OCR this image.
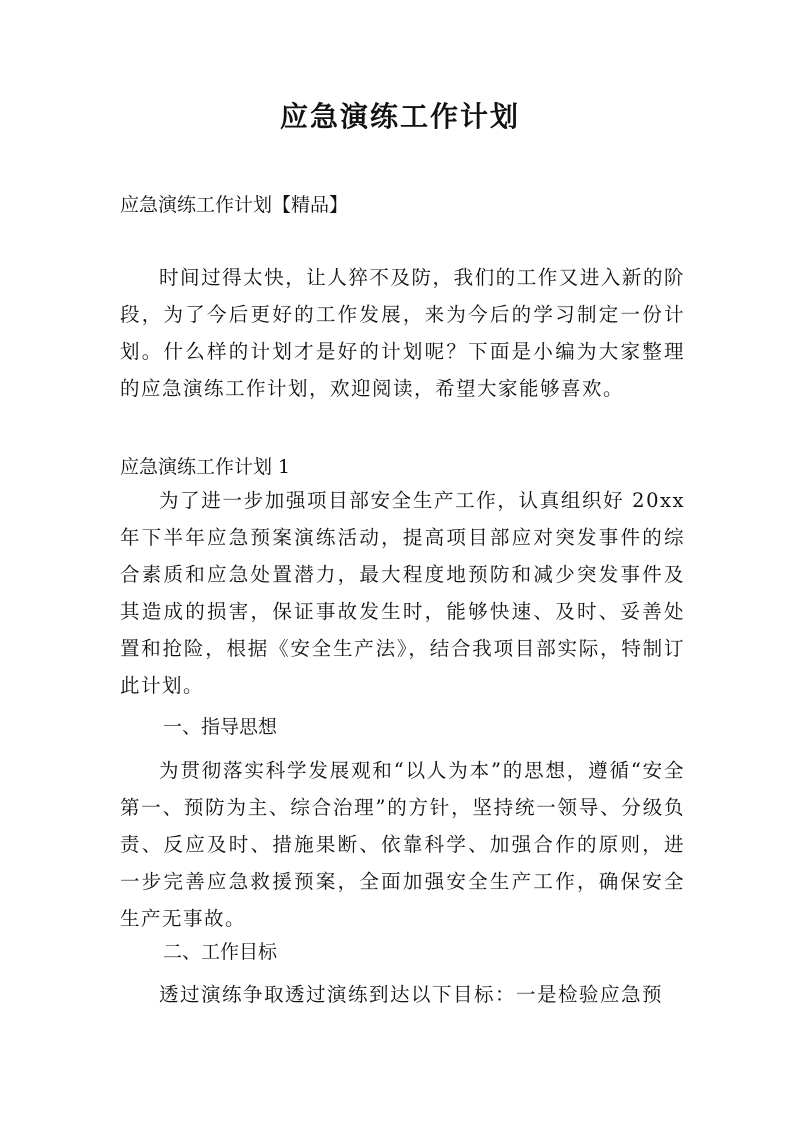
应急演练工作计划

应急演练工作计划【精品】

时间过得太快，让人猝不及防，我们的工作又进入新的阶段，为了今后更好的工作发展，来为今后的学习制定一份计划。什么样的计划才是好的计划呢？下面是小编为大家整理的应急演练工作计划，欢迎阅读，希望大家能够喜欢。

应急演练工作计划 1

为了进一步加强项目部安全生产工作，认真组织好 20xx 年下半年应急预案演练活动，提高项目部应对突发事件的综合素质和应急处置潜力，最大程度地预防和减少突发事件及其造成的损害，保证事故发生时，能够快速、及时、妥善处置和抢险，根据《安全生产法》，结合我项目部实际，特制订此计划。

一、指导思想

为贯彻落实科学发展观和“以人为本”的思想，遵循“安全第一、预防为主、综合治理”的方针，坚持统一领导、分级负责、反应及时、措施果断、依靠科学、加强合作的原则，进一步完善应急救援预案，全面加强安全生产工作，确保安全生产无事故。

二、工作目标

透过演练争取透过演练到达以下目标：一是检验应急预
